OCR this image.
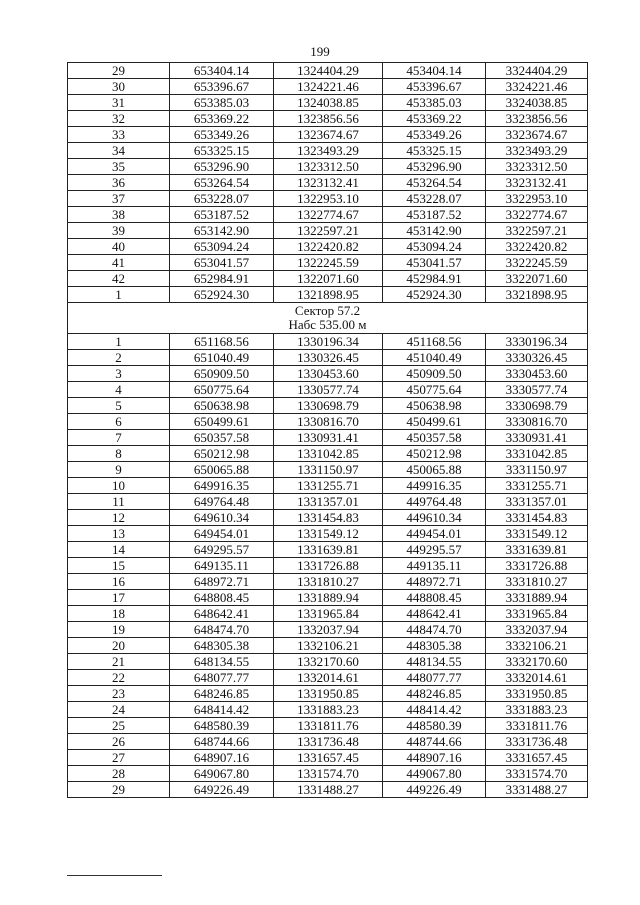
199
29	653404.14	1324404.29	453404.14	3324404.29
30	653396.67	1324221.46	453396.67	3324221.46
31	653385.03	1324038.85	453385.03	3324038.85
32	653369.22	1323856.56	453369.22	3323856.56
33	653349.26	1323674.67	453349.26	3323674.67
34	653325.15	1323493.29	453325.15	3323493.29
35	653296.90	1323312.50	453296.90	3323312.50
36	653264.54	1323132.41	453264.54	3323132.41
37	653228.07	1322953.10	453228.07	3322953.10
38	653187.52	1322774.67	453187.52	3322774.67
39	653142.90	1322597.21	453142.90	3322597.21
40	653094.24	1322420.82	453094.24	3322420.82
41	653041.57	1322245.59	453041.57	3322245.59
42	652984.91	1322071.60	452984.91	3322071.60
1	652924.30	1321898.95	452924.30	3321898.95

Сектор 57.2
Набс 535.00 м				

1	651168.56	1330196.34	451168.56	3330196.34
2	651040.49	1330326.45	451040.49	3330326.45
3	650909.50	1330453.60	450909.50	3330453.60
4	650775.64	1330577.74	450775.64	3330577.74
5	650638.98	1330698.79	450638.98	3330698.79
6	650499.61	1330816.70	450499.61	3330816.70
7	650357.58	1330931.41	450357.58	3330931.41
8	650212.98	1331042.85	450212.98	3331042.85
9	650065.88	1331150.97	450065.88	3331150.97
10	649916.35	1331255.71	449916.35	3331255.71
11	649764.48	1331357.01	449764.48	3331357.01
12	649610.34	1331454.83	449610.34	3331454.83
13	649454.01	1331549.12	449454.01	3331549.12
14	649295.57	1331639.81	449295.57	3331639.81
15	649135.11	1331726.88	449135.11	3331726.88
16	648972.71	1331810.27	448972.71	3331810.27
17	648808.45	1331889.94	448808.45	3331889.94
18	648642.41	1331965.84	448642.41	3331965.84
19	648474.70	1332037.94	448474.70	3332037.94
20	648305.38	1332106.21	448305.38	3332106.21
21	648134.55	1332170.60	448134.55	3332170.60
22	648077.77	1332014.61	448077.77	3332014.61
23	648246.85	1331950.85	448246.85	3331950.85
24	648414.42	1331883.23	448414.42	3331883.23
25	648580.39	1331811.76	448580.39	3331811.76
26	648744.66	1331736.48	448744.66	3331736.48
27	648907.16	1331657.45	448907.16	3331657.45
28	649067.80	1331574.70	449067.80	3331574.70
29	649226.49	1331488.27	449226.49	3331488.27
